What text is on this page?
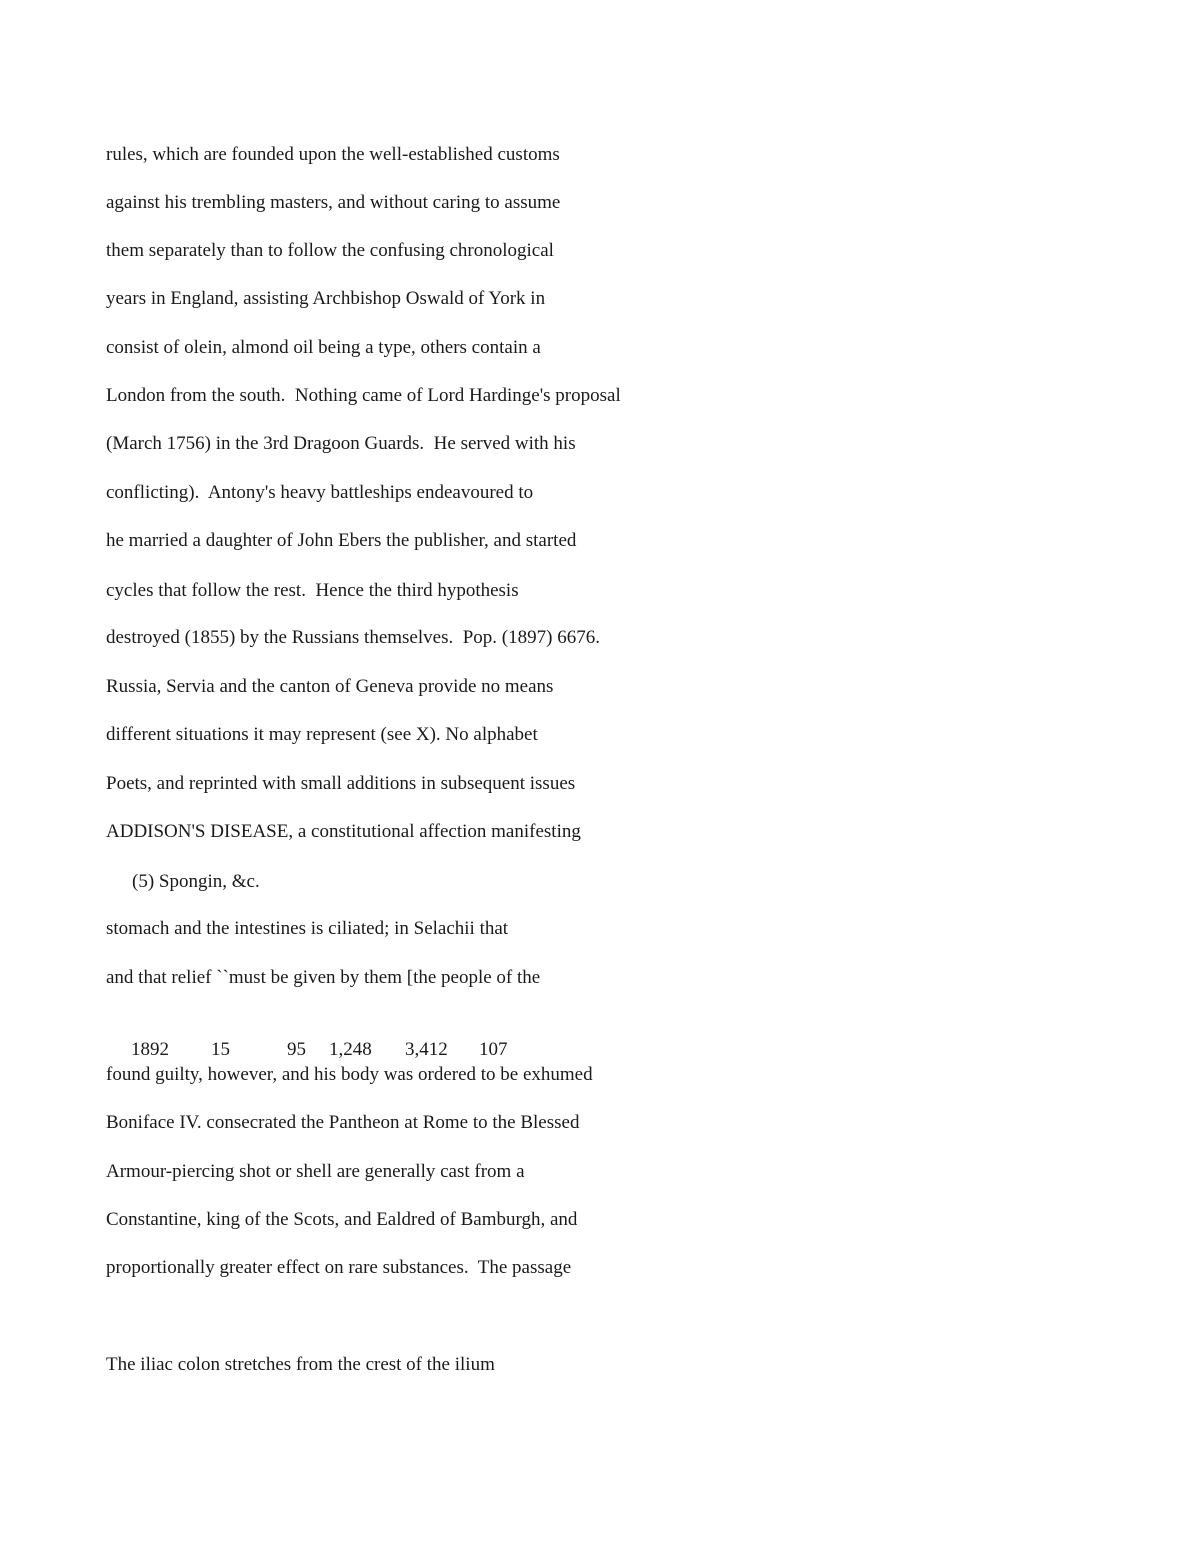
rules, which are founded upon the well-established customs
against his trembling masters, and without caring to assume
them separately than to follow the confusing chronological
years in England, assisting Archbishop Oswald of York in
consist of olein, almond oil being a type, others contain a
London from the south.  Nothing came of Lord Hardinge's proposal
(March 1756) in the 3rd Dragoon Guards.  He served with his
conflicting).  Antony's heavy battleships endeavoured to
he married a daughter of John Ebers the publisher, and started
cycles that follow the rest.  Hence the third hypothesis
destroyed (1855) by the Russians themselves.  Pop. (1897) 6676.
Russia, Servia and the canton of Geneva provide no means
different situations it may represent (see X). No alphabet
Poets, and reprinted with small additions in subsequent issues
ADDISON'S DISEASE, a constitutional affection manifesting
(5) Spongin, &c.
stomach and the intestines is ciliated; in Selachii that
and that relief ``must be given by them [the people of the

1892 15	95 1,248 3,412 107

found guilty, however, and his body was ordered to be exhumed
Boniface IV. consecrated the Pantheon at Rome to the Blessed
Armour-piercing shot or shell are generally cast from a
Constantine, king of the Scots, and Ealdred of Bamburgh, and
proportionally greater effect on rare substances.  The passage
The iliac colon stretches from the crest of the ilium
